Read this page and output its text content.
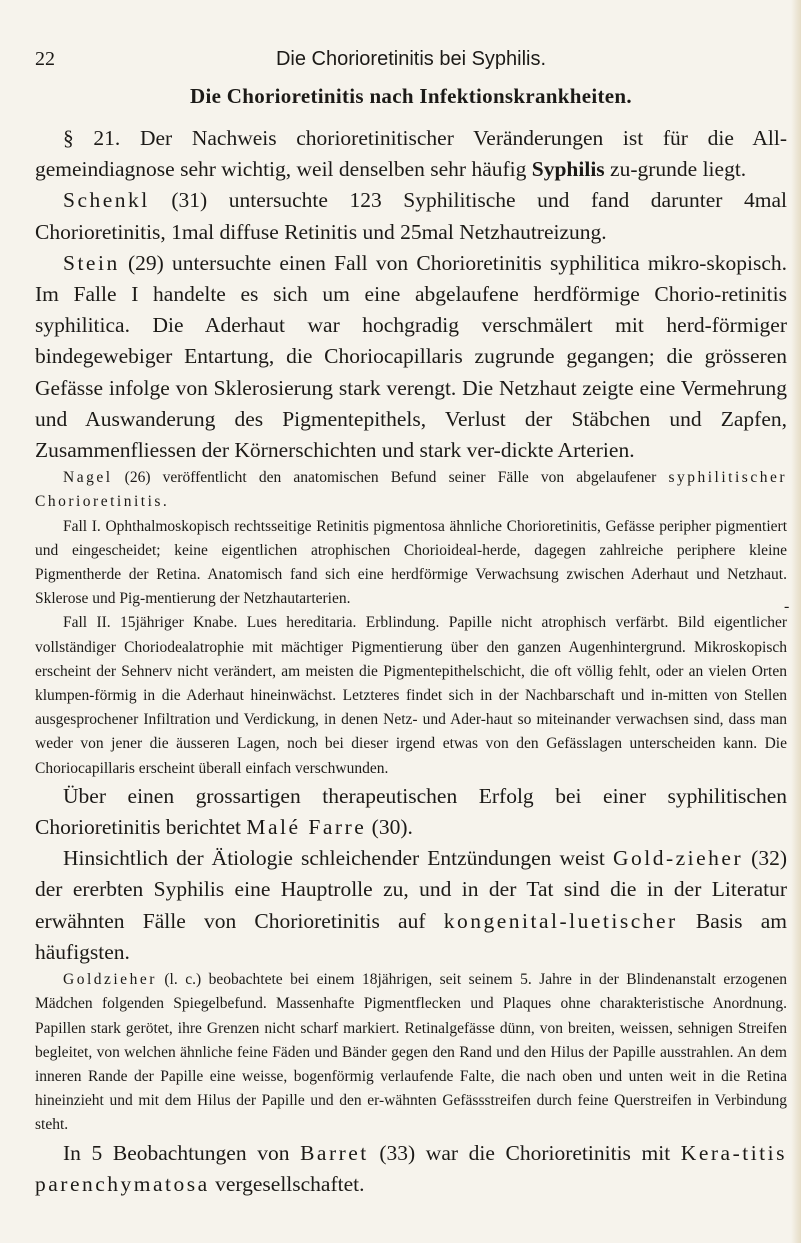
-
22	Die Chorioretinitis bei Syphilis.
Die Chorioretinitis nach Infektionskrankheiten.

§ 21. Der Nachweis chorioretinitischer Veränderungen ist für die All-gemeindiagnose sehr wichtig, weil denselben sehr häufig Syphilis zu-grunde liegt.

Schenkl (31) untersuchte 123 Syphilitische und fand darunter 4mal Chorioretinitis, 1mal diffuse Retinitis und 25mal Netzhautreizung.

Stein (29) untersuchte einen Fall von Chorioretinitis syphilitica mikro-skopisch. Im Falle I handelte es sich um eine abgelaufene herdförmige Chorio-retinitis syphilitica. Die Aderhaut war hochgradig verschmälert mit herd-förmiger bindegewebiger Entartung, die Choriocapillaris zugrunde gegangen; die grösseren Gefässe infolge von Sklerosierung stark verengt. Die Netzhaut zeigte eine Vermehrung und Auswanderung des Pigmentepithels, Verlust der Stäbchen und Zapfen, Zusammenfliessen der Körnerschichten und stark ver-dickte Arterien.

Nagel (26) veröffentlicht den anatomischen Befund seiner Fälle von abgelaufener syphilitischer Chorioretinitis.

Fall I. Ophthalmoskopisch rechtsseitige Retinitis pigmentosa ähnliche Chorioretinitis, Gefässe peripher pigmentiert und eingescheidet; keine eigentlichen atrophischen Chorioideal-herde, dagegen zahlreiche periphere kleine Pigmentherde der Retina. Anatomisch fand sich eine herdförmige Verwachsung zwischen Aderhaut und Netzhaut. Sklerose und Pig-mentierung der Netzhautarterien.

Fall II. 15jähriger Knabe. Lues hereditaria. Erblindung. Papille nicht atrophisch verfärbt. Bild eigentlicher vollständiger Choriodealatrophie mit mächtiger Pigmentierung über den ganzen Augenhintergrund. Mikroskopisch erscheint der Sehnerv nicht verändert, am meisten die Pigmentepithelschicht, die oft völlig fehlt, oder an vielen Orten klumpen-förmig in die Aderhaut hineinwächst. Letzteres findet sich in der Nachbarschaft und in-mitten von Stellen ausgesprochener Infiltration und Verdickung, in denen Netz- und Ader-haut so miteinander verwachsen sind, dass man weder von jener die äusseren Lagen, noch bei dieser irgend etwas von den Gefässlagen unterscheiden kann. Die Choriocapillaris erscheint überall einfach verschwunden.

Über einen grossartigen therapeutischen Erfolg bei einer syphilitischen Chorioretinitis berichtet Malé Farre (30).

Hinsichtlich der Ätiologie schleichender Entzündungen weist Gold-zieher (32) der ererbten Syphilis eine Hauptrolle zu, und in der Tat sind die in der Literatur erwähnten Fälle von Chorioretinitis auf kongenital-luetischer Basis am häufigsten.

Goldzieher (l. c.) beobachtete bei einem 18jährigen, seit seinem 5. Jahre in der Blindenanstalt erzogenen Mädchen folgenden Spiegelbefund. Massenhafte Pigmentflecken und Plaques ohne charakteristische Anordnung. Papillen stark gerötet, ihre Grenzen nicht scharf markiert. Retinalgefässe dünn, von breiten, weissen, sehnigen Streifen begleitet, von welchen ähnliche feine Fäden und Bänder gegen den Rand und den Hilus der Papille ausstrahlen. An dem inneren Rande der Papille eine weisse, bogenförmig verlaufende Falte, die nach oben und unten weit in die Retina hineinzieht und mit dem Hilus der Papille und den er-wähnten Gefässstreifen durch feine Querstreifen in Verbindung steht.

In 5 Beobachtungen von Barret (33) war die Chorioretinitis mit Kera-titis parenchymatosa vergesellschaftet.
